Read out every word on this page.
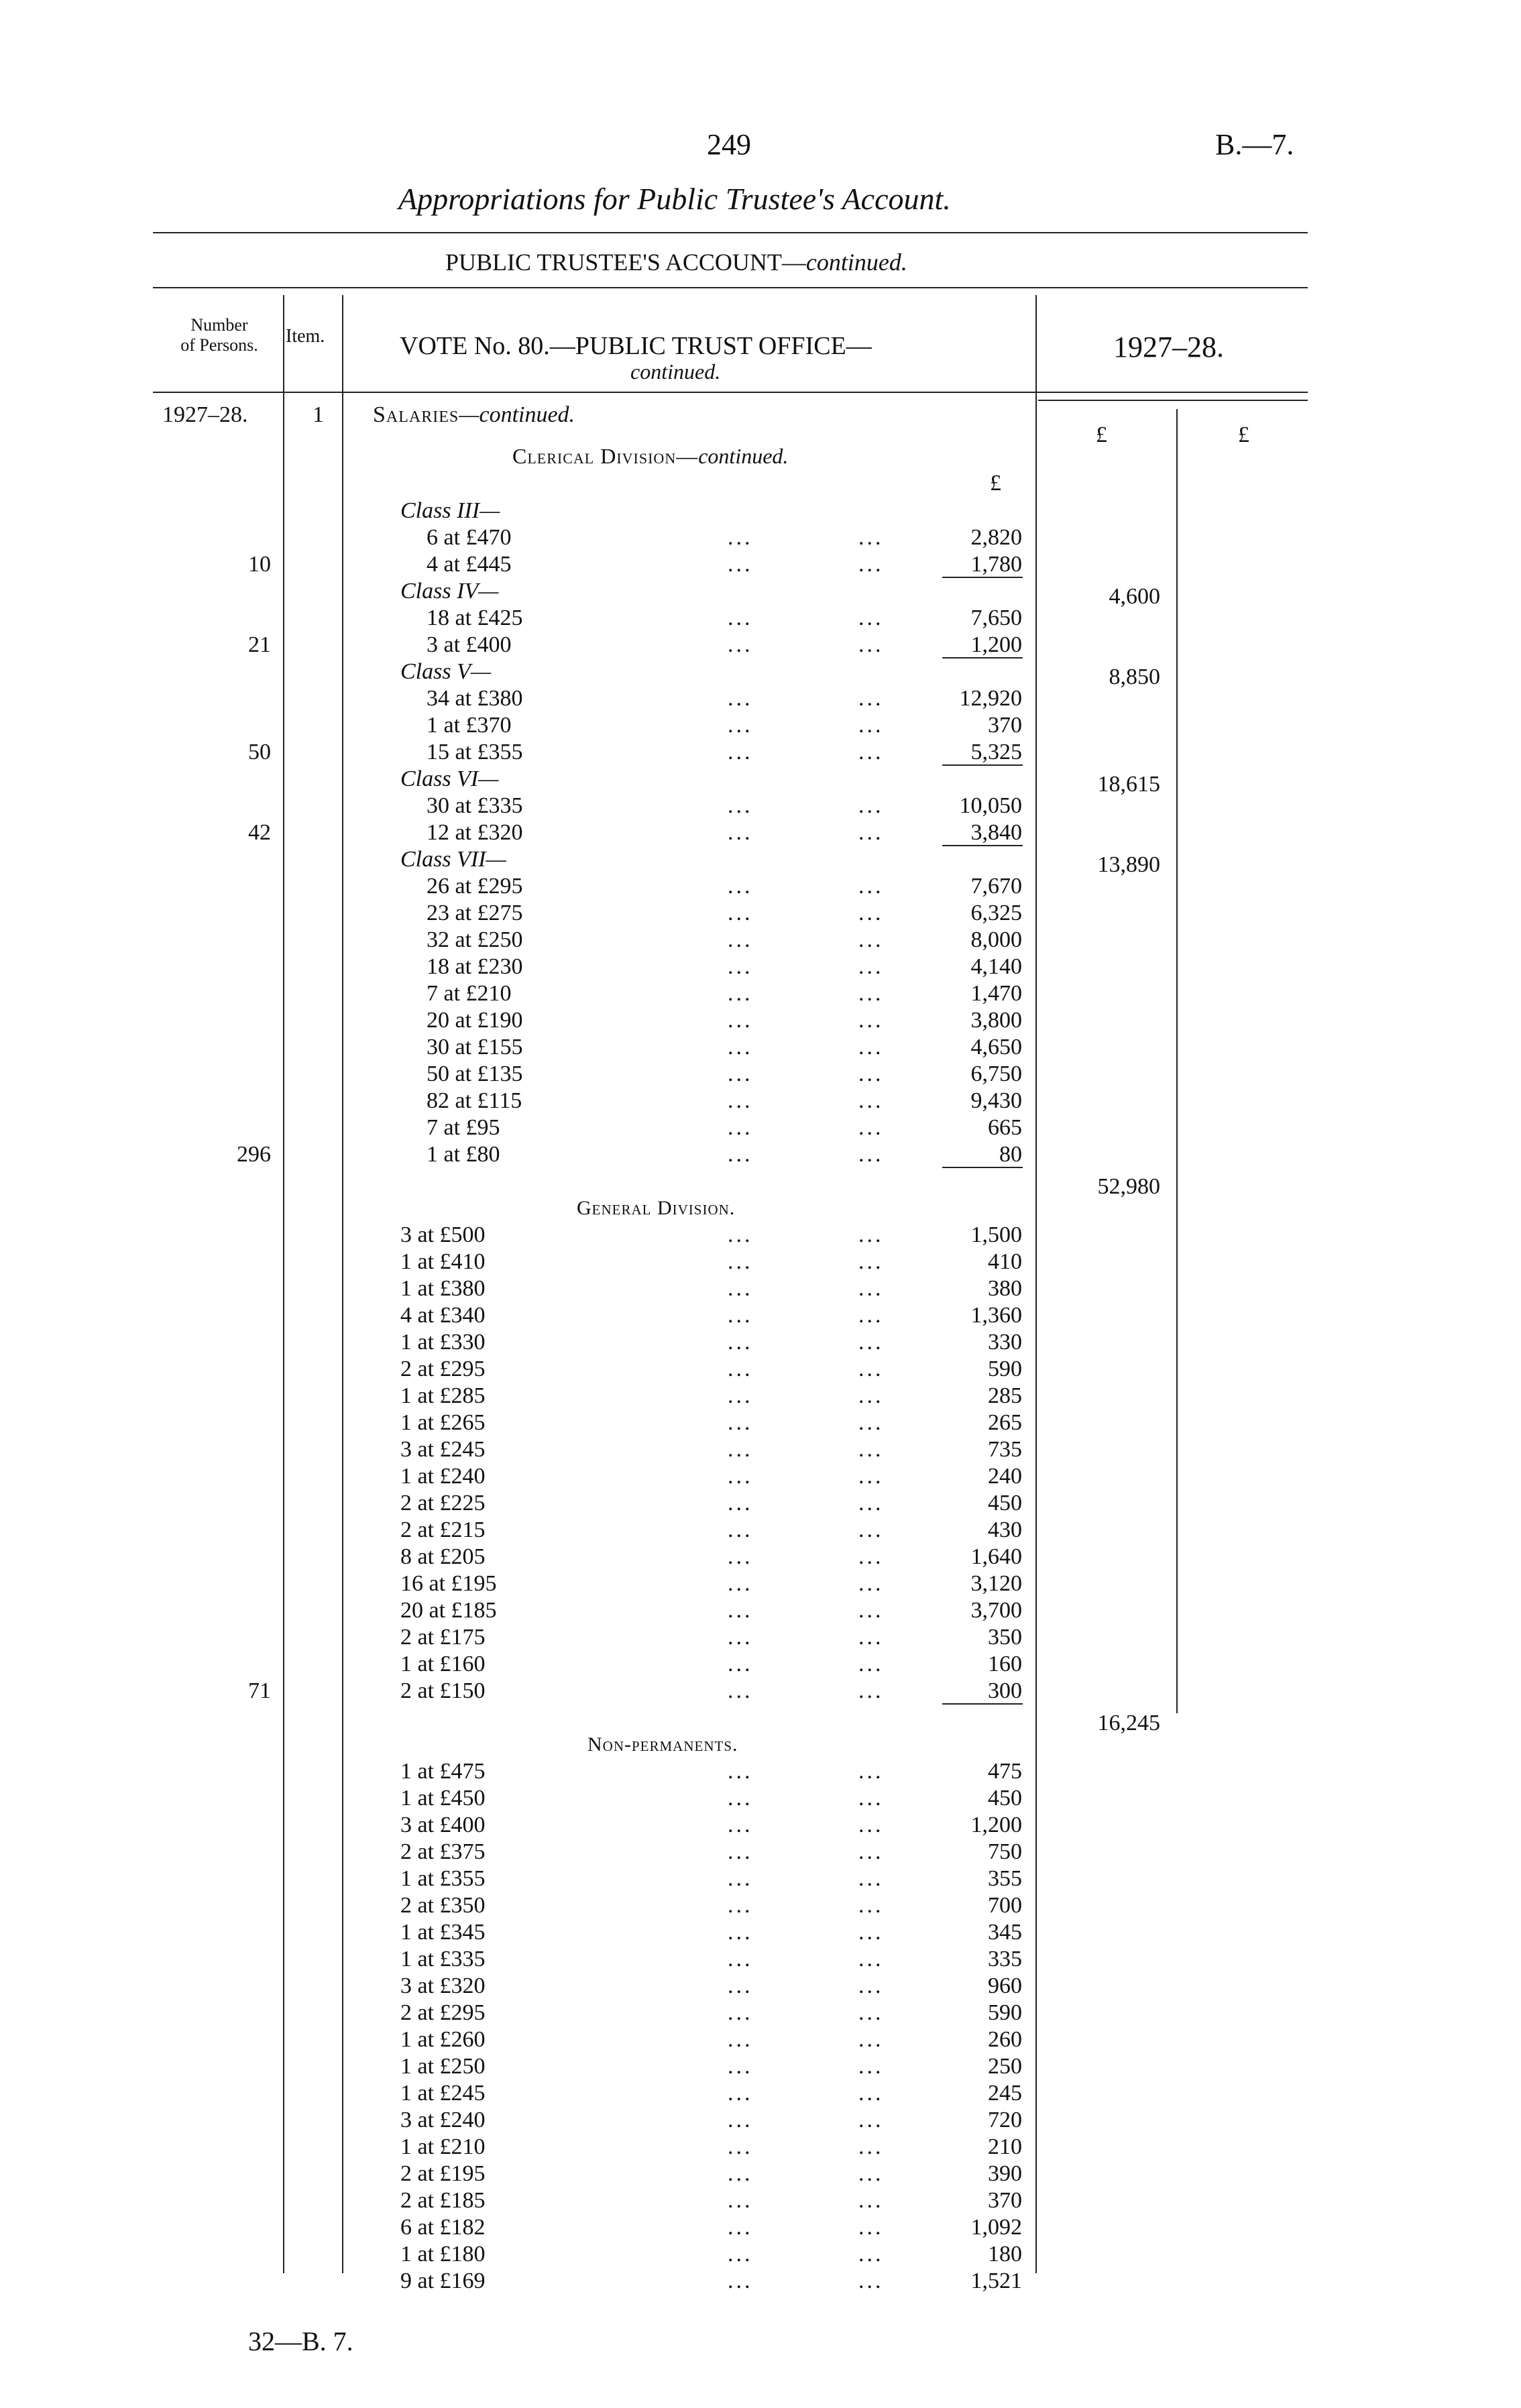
249	B.—7.
Appropriations for Public Trustee's Account.
PUBLIC TRUSTEE'S ACCOUNT—continued.
Number
of Persons.	Item.	VOTE No. 80.—PUBLIC TRUST OFFICE—
continued.
1927–28.
1927–28.	1 Salaries—continued.
£	£
Clerical Division—continued.
£
Class III—
6 at £470	...	...	2,820
10	4 at £445	...	...	1,780
Class IV—	4,600
18 at £425	...	...	7,650
21	3 at £400	...	...	1,200
Class V—	8,850
34 at £380	...	...	12,920
1 at £370	...	...	370
50	15 at £355	...	...	5,325
Class VI—	18,615
30 at £335	...	...	10,050
42	12 at £320	...	...	3,840
Class VII—	13,890
26 at £295	...	...	7,670
23 at £275	...	...	6,325
32 at £250	...	...	8,000
18 at £230	...	...	4,140
7 at £210	...	...	1,470
20 at £190	...	...	3,800
30 at £155	...	...	4,650
50 at £135	...	...	6,750
82 at £115	...	...	9,430
7 at £95	...	...	665
296	1 at £80	...	...	80
52,980
General Division.
3 at £500	...	...	1,500
1 at £410	...	...	410
1 at £380	...	...	380
4 at £340	...	...	1,360
1 at £330	...	...	330
2 at £295	...	...	590
1 at £285	...	...	285
1 at £265	...	...	265
3 at £245	...	...	735
1 at £240	...	...	240
2 at £225	...	...	450
2 at £215	...	...	430
8 at £205	...	...	1,640
16 at £195	...	...	3,120
20 at £185	...	...	3,700
2 at £175	...	...	350
1 at £160	...	...	160
71	2 at £150	...	...	300
16,245
Non-permanents.
1 at £475	...	...	475
1 at £450	...	...	450
3 at £400	...	...	1,200
2 at £375	...	...	750
1 at £355	...	...	355
2 at £350	...	...	700
1 at £345	...	...	345
1 at £335	...	...	335
3 at £320	...	...	960
2 at £295	...	...	590
1 at £260	...	...	260
1 at £250	...	...	250
1 at £245	...	...	245
3 at £240	...	...	720
1 at £210	...	...	210
2 at £195	...	...	390
2 at £185	...	...	370
6 at £182	...	...	1,092
1 at £180	...	...	180
9 at £169	...	...	1,521
32—B. 7.
